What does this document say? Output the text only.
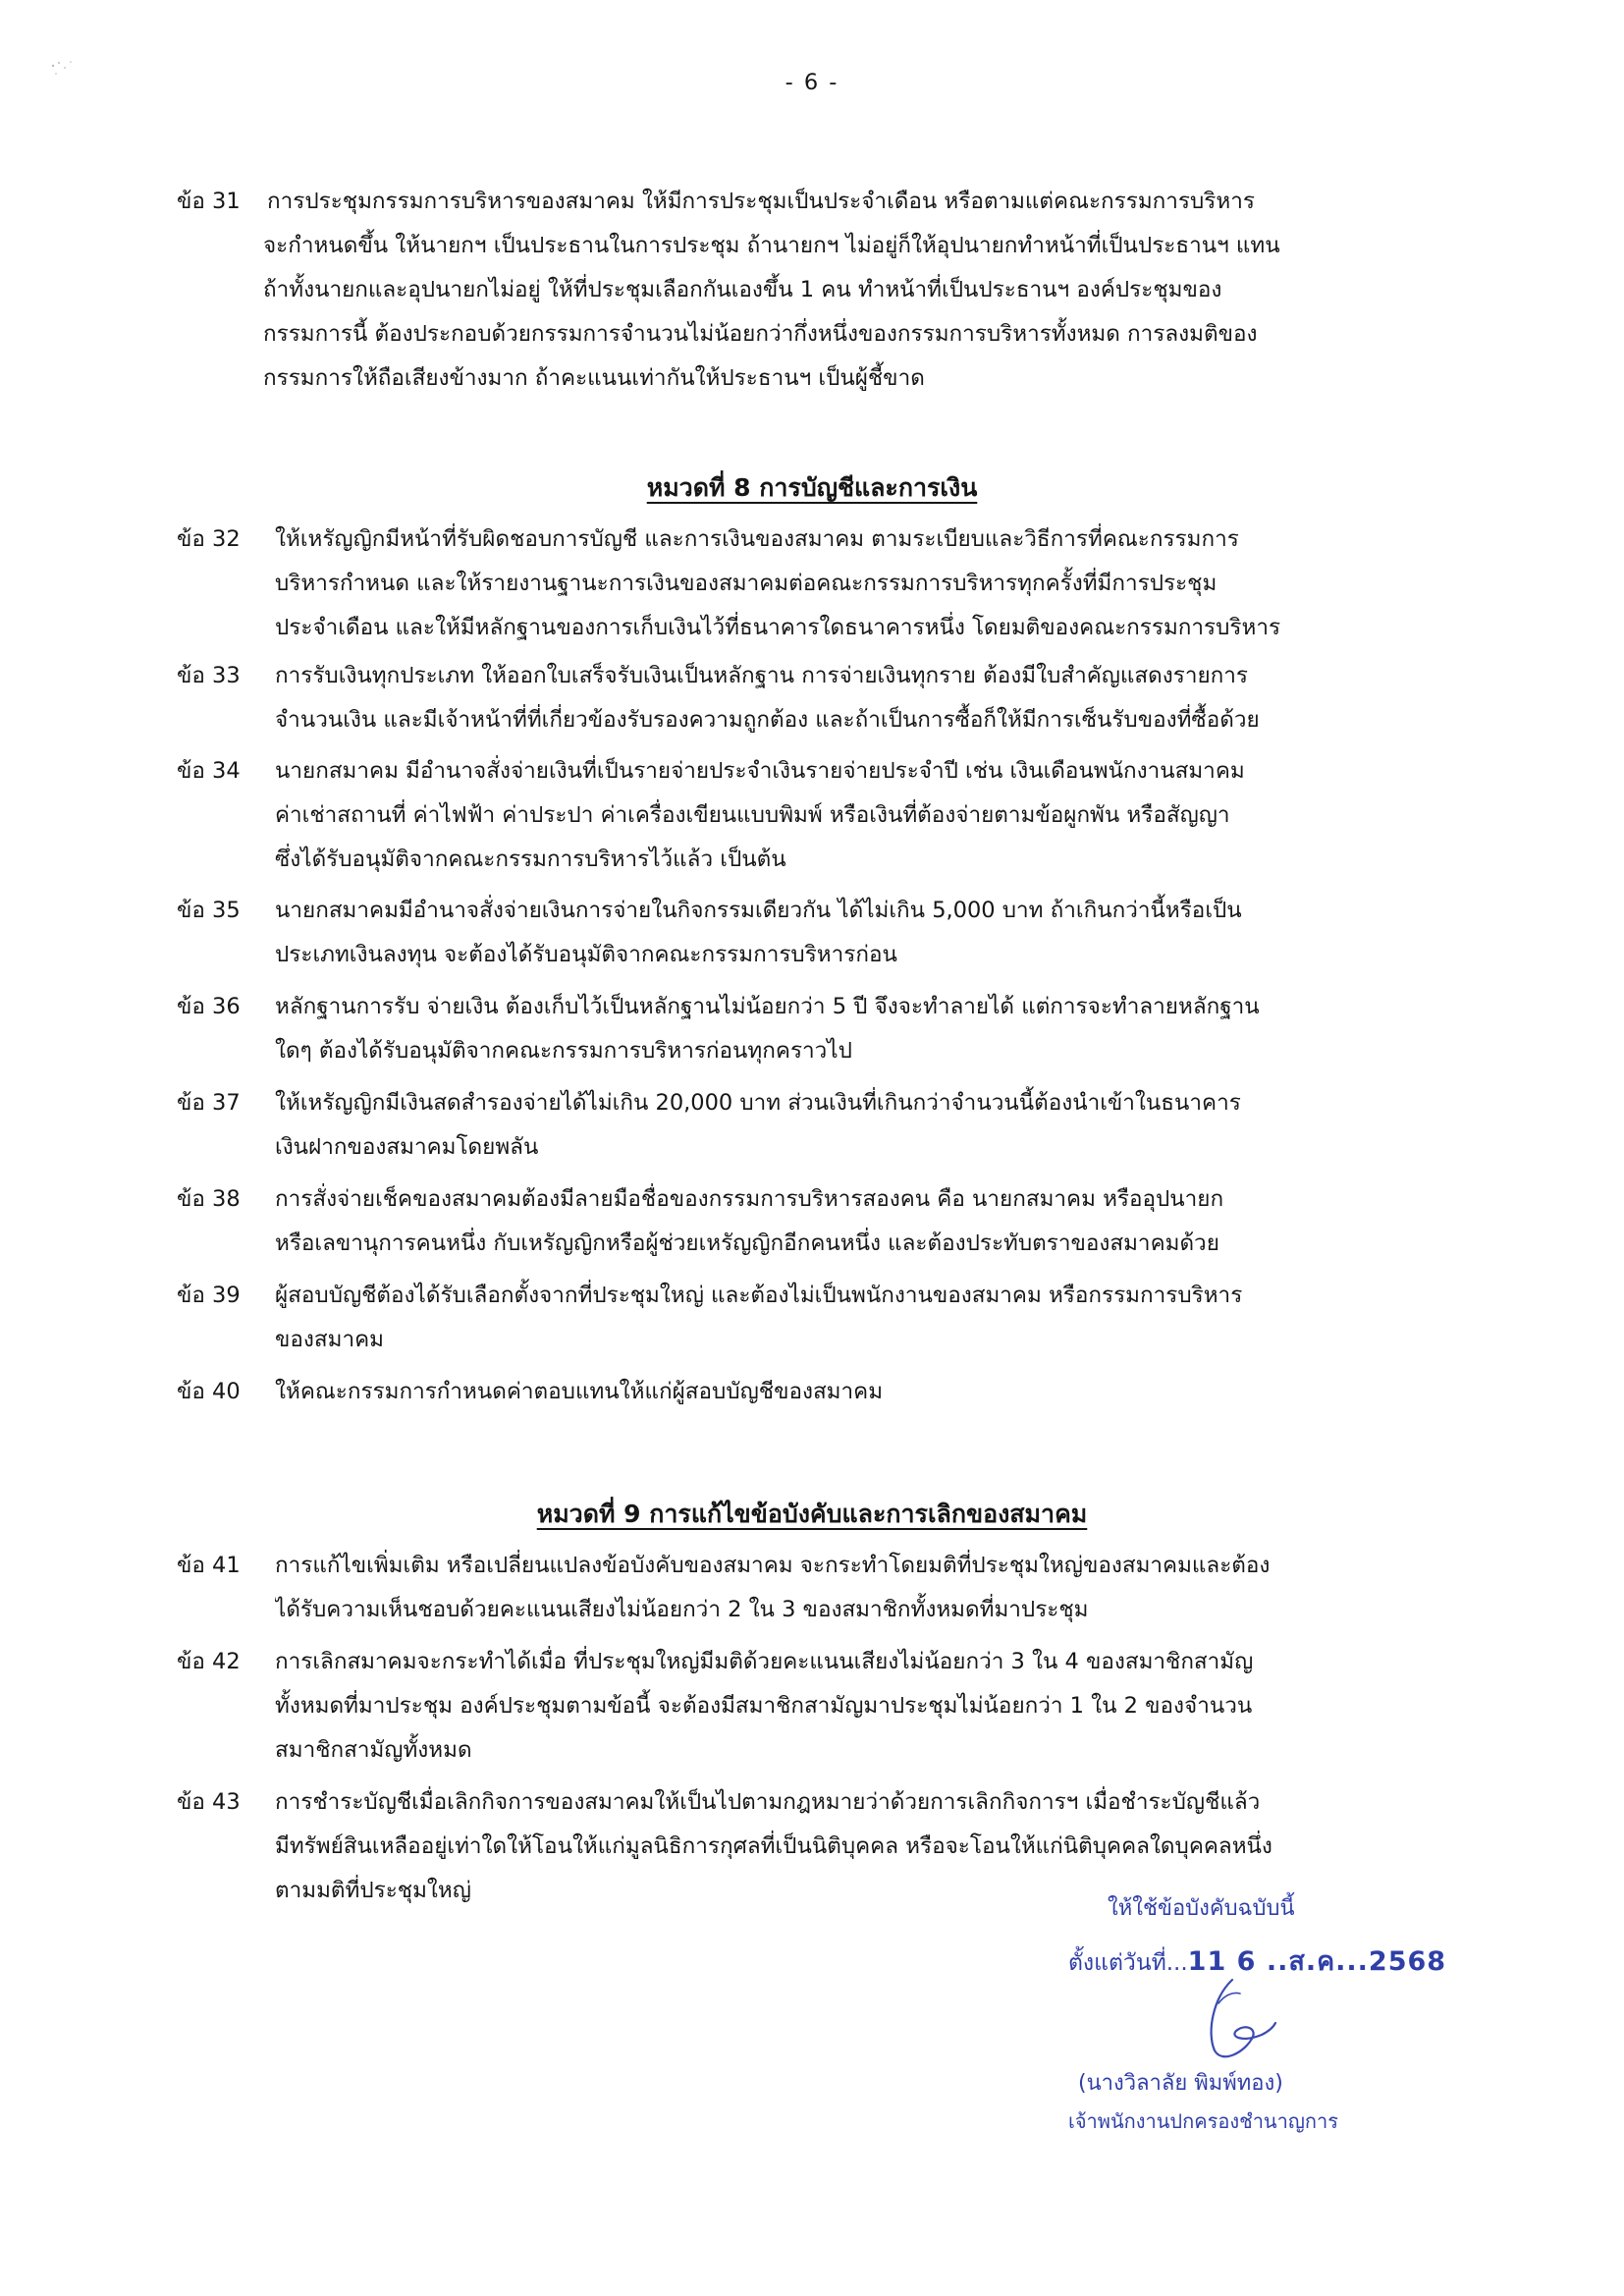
- 6 -
ข้อ 31	การประชุมกรรมการบริหารของสมาคม ให้มีการประชุมเป็นประจำเดือน หรือตามแต่คณะกรรมการบริหาร
จะกำหนดขึ้น ให้นายกฯ เป็นประธานในการประชุม ถ้านายกฯ ไม่อยู่ก็ให้อุปนายกทำหน้าที่เป็นประธานฯ แทน
ถ้าทั้งนายกและอุปนายกไม่อยู่ ให้ที่ประชุมเลือกกันเองขึ้น 1 คน ทำหน้าที่เป็นประธานฯ องค์ประชุมของ
กรรมการนี้ ต้องประกอบด้วยกรรมการจำนวนไม่น้อยกว่ากึ่งหนึ่งของกรรมการบริหารทั้งหมด การลงมติของ
กรรมการให้ถือเสียงข้างมาก ถ้าคะแนนเท่ากันให้ประธานฯ เป็นผู้ชี้ขาด
หมวดที่ 8 การบัญชีและการเงิน
ข้อ 32	ให้เหรัญญิกมีหน้าที่รับผิดชอบการบัญชี และการเงินของสมาคม ตามระเบียบและวิธีการที่คณะกรรมการ
บริหารกำหนด และให้รายงานฐานะการเงินของสมาคมต่อคณะกรรมการบริหารทุกครั้งที่มีการประชุม
ประจำเดือน และให้มีหลักฐานของการเก็บเงินไว้ที่ธนาคารใดธนาคารหนึ่ง โดยมติของคณะกรรมการบริหาร
ข้อ 33	การรับเงินทุกประเภท ให้ออกใบเสร็จรับเงินเป็นหลักฐาน การจ่ายเงินทุกราย ต้องมีใบสำคัญแสดงรายการ
จำนวนเงิน และมีเจ้าหน้าที่ที่เกี่ยวข้องรับรองความถูกต้อง และถ้าเป็นการซื้อก็ให้มีการเซ็นรับของที่ซื้อด้วย
ข้อ 34	นายกสมาคม มีอำนาจสั่งจ่ายเงินที่เป็นรายจ่ายประจำเงินรายจ่ายประจำปี เช่น เงินเดือนพนักงานสมาคม
ค่าเช่าสถานที่ ค่าไฟฟ้า ค่าประปา ค่าเครื่องเขียนแบบพิมพ์ หรือเงินที่ต้องจ่ายตามข้อผูกพัน หรือสัญญา
ซึ่งได้รับอนุมัติจากคณะกรรมการบริหารไว้แล้ว เป็นต้น
ข้อ 35	นายกสมาคมมีอำนาจสั่งจ่ายเงินการจ่ายในกิจกรรมเดียวกัน ได้ไม่เกิน 5,000 บาท ถ้าเกินกว่านี้หรือเป็น
ประเภทเงินลงทุน จะต้องได้รับอนุมัติจากคณะกรรมการบริหารก่อน
ข้อ 36	หลักฐานการรับ จ่ายเงิน ต้องเก็บไว้เป็นหลักฐานไม่น้อยกว่า 5 ปี จึงจะทำลายได้ แต่การจะทำลายหลักฐาน
ใดๆ ต้องได้รับอนุมัติจากคณะกรรมการบริหารก่อนทุกคราวไป
ข้อ 37	ให้เหรัญญิกมีเงินสดสำรองจ่ายได้ไม่เกิน 20,000 บาท ส่วนเงินที่เกินกว่าจำนวนนี้ต้องนำเข้าในธนาคาร
เงินฝากของสมาคมโดยพลัน
ข้อ 38	การสั่งจ่ายเช็คของสมาคมต้องมีลายมือชื่อของกรรมการบริหารสองคน คือ นายกสมาคม หรืออุปนายก
หรือเลขานุการคนหนึ่ง กับเหรัญญิกหรือผู้ช่วยเหรัญญิกอีกคนหนึ่ง และต้องประทับตราของสมาคมด้วย
ข้อ 39	ผู้สอบบัญชีต้องได้รับเลือกตั้งจากที่ประชุมใหญ่ และต้องไม่เป็นพนักงานของสมาคม หรือกรรมการบริหาร
ของสมาคม
ข้อ 40	ให้คณะกรรมการกำหนดค่าตอบแทนให้แก่ผู้สอบบัญชีของสมาคม
หมวดที่ 9 การแก้ไขข้อบังคับและการเลิกของสมาคม
ข้อ 41	การแก้ไขเพิ่มเติม หรือเปลี่ยนแปลงข้อบังคับของสมาคม จะกระทำโดยมติที่ประชุมใหญ่ของสมาคมและต้อง
ได้รับความเห็นชอบด้วยคะแนนเสียงไม่น้อยกว่า 2 ใน 3 ของสมาชิกทั้งหมดที่มาประชุม
ข้อ 42	การเลิกสมาคมจะกระทำได้เมื่อ ที่ประชุมใหญ่มีมติด้วยคะแนนเสียงไม่น้อยกว่า 3 ใน 4 ของสมาชิกสามัญ
ทั้งหมดที่มาประชุม องค์ประชุมตามข้อนี้ จะต้องมีสมาชิกสามัญมาประชุมไม่น้อยกว่า 1 ใน 2 ของจำนวน
สมาชิกสามัญทั้งหมด
ข้อ 43	การชำระบัญชีเมื่อเลิกกิจการของสมาคมให้เป็นไปตามกฎหมายว่าด้วยการเลิกกิจการฯ เมื่อชำระบัญชีแล้ว
มีทรัพย์สินเหลืออยู่เท่าใดให้โอนให้แก่มูลนิธิการกุศลที่เป็นนิติบุคคล หรือจะโอนให้แก่นิติบุคคลใดบุคคลหนึ่ง
ตามมติที่ประชุมใหญ่
ให้ใช้ข้อบังคับฉบับนี้
ตั้งแต่วันที่...11 6 ..ส.ค...2568
(นางวิลาลัย พิมพ์ทอง)
เจ้าพนักงานปกครองชำนาญการ
